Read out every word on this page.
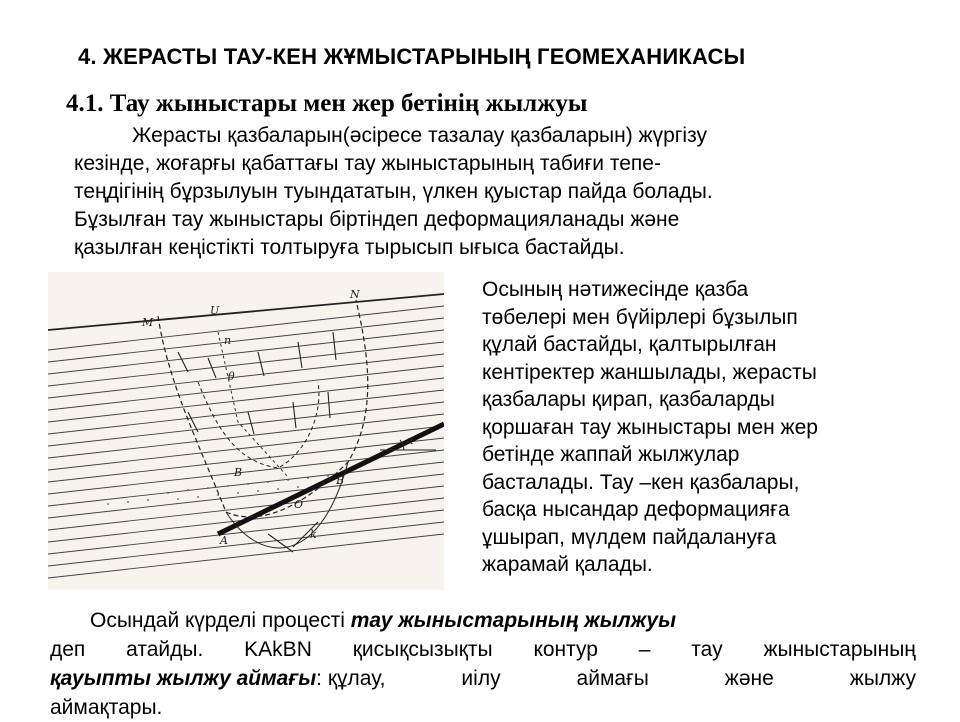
4. ЖЕРАСТЫ ТАУ-КЕН ЖҰМЫСТАРЫНЫҢ ГЕОМЕХАНИКАСЫ
4.1. Тау жыныстары мен жер бетінің жылжуы
Жерасты қазбаларын(әсіресе тазалау қазбаларын) жүргізу
кезінде, жоғарғы қабаттағы тау жыныстарының табиғи тепе-
теңдігінің бұрзылуын туындататын, үлкен қуыстар пайда болады.
Бұзылған тау жыныстары біртіндеп деформацияланады және
қазылған кеңістікті толтыруға тырысып ығыса бастайды.
M
N
U
n
θ
B
B
A
O
k
α
Осының нәтижесінде қазба
төбелері мен бүйірлері бұзылып
құлай бастайды, қалтырылған
кентіректер жаншылады, жерасты
қазбалары қирап, қазбаларды
қоршаған тау жыныстары мен жер
бетінде жаппай жылжулар
басталады. Тау –кен қазбалары,
басқа нысандар деформацияға
ұшырап, мүлдем пайдалануға
жарамай қалады.
Осындай күрделі процесті тау жыныстарының жылжуы
деп атайды. KAkBN қисықсызықты контур – тау жыныстарының
қауыпты жылжу аймағы: құлау,	иілу	аймағы	және	жылжу
аймақтары.
